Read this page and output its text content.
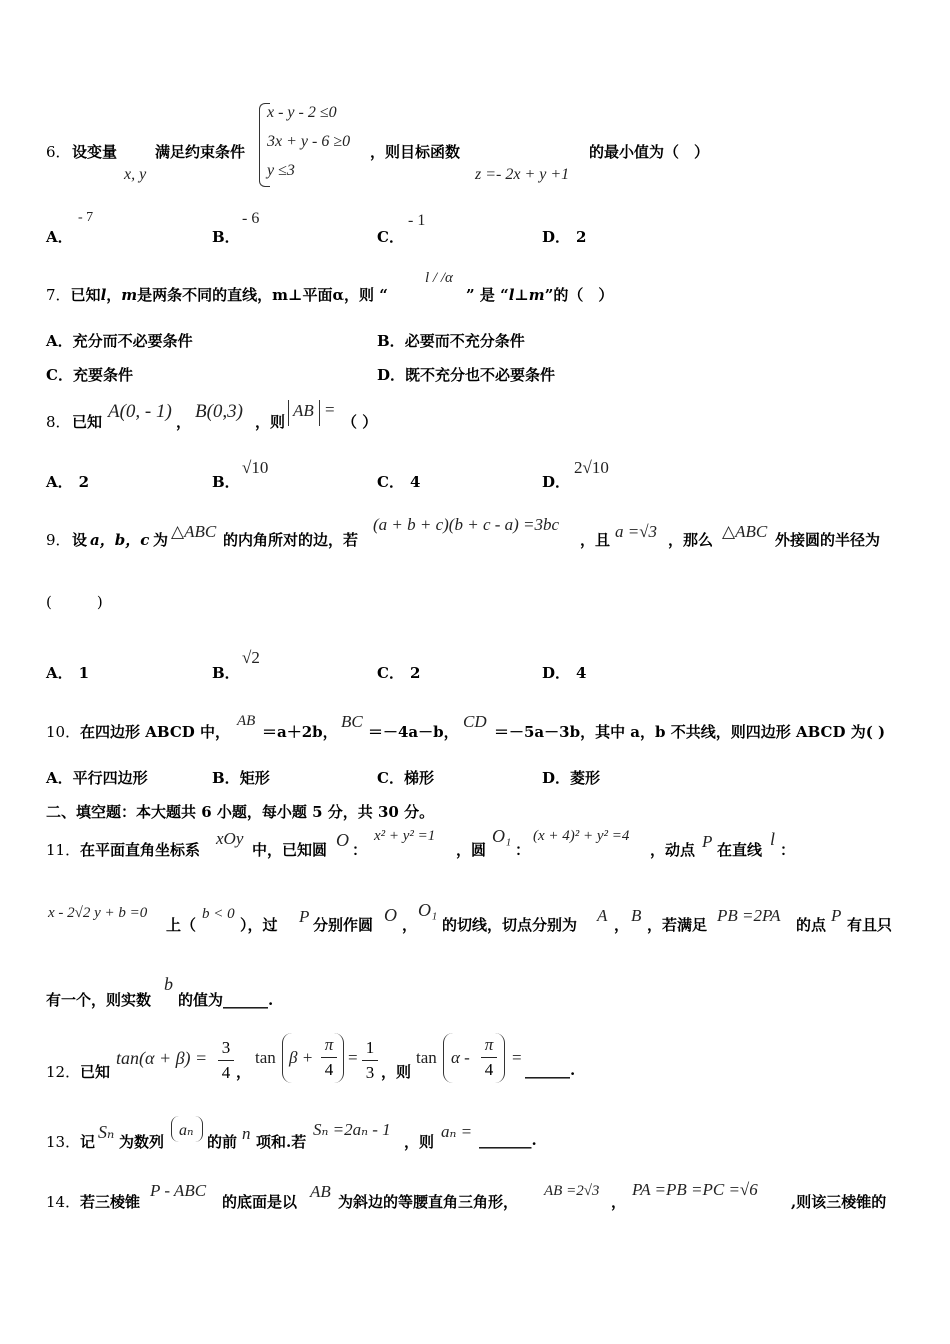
6． 设变量
x, y
满足约束条件
x - y - 2 ≤0
3x + y - 6 ≥0
y ≤3
，则目标函数
z =- 2x + y +1
的最小值为（　）
A．
- 7
B．
- 6
C．
- 1
D． 2
7．已知l，m是两条不同的直线，m⊥平面α，则 “
l / /α
” 是 “l⊥m”的（　）
A．充分而不必要条件	B．必要而不充分条件
C．充要条件	D．既不充分也不必要条件
8． 已知 A(0, - 1) ， B(0,3) ，则
AB =
（ ）
A． 2	B．
√10
C． 4	D．
2√10
9． 设 a，b，c 为 △ABC 的内角所对的边，若
(a + b + c)(b + c - a) =3bc
，且 a =√3 ，那么 △ABC 外接圆的半径为
(　　　)
A． 1	B．
√2
C． 2	D． 4
10． 在四边形 ABCD 中，
AB
＝a＋2b，
BC
＝－4a－b，
CD
＝－5a－3b，其中 a，b 不共线，则四边形 ABCD 为( )
A．平行四边形	B．矩形	C．梯形	D．菱形
二、填空题：本大题共 6 小题，每小题 5 分，共 30 分。
11． 在平面直角坐标系
xOy
中，已知圆 O ：
x² + y² =1
，圆
O₁
：
(x + 4)² + y² =4
，动点 P 在直线
l
：
x - 2√2 y + b =0
上（
b < 0
），过 P 分别作圆 O ，
O₁
的切线，切点分别为 A ， B ，若满足 PB =2PA 的点 P 有且只
有一个，则实数
b
的值为______.
12． 已知
tan(α + β) =
3
4 ，
tan β +
π
4
=
1
3 ，则
tan α -
π
4
=
______.
13． 记 Sₙ 为数列
aₙ
的前 n 项和.若
Sₙ =2aₙ - 1
，则
aₙ = _______.
14． 若三棱锥
P - ABC
的底面是以
AB
为斜边的等腰直角三角形，
AB =2√3
，
PA =PB =PC =√6
,则该三棱锥的
